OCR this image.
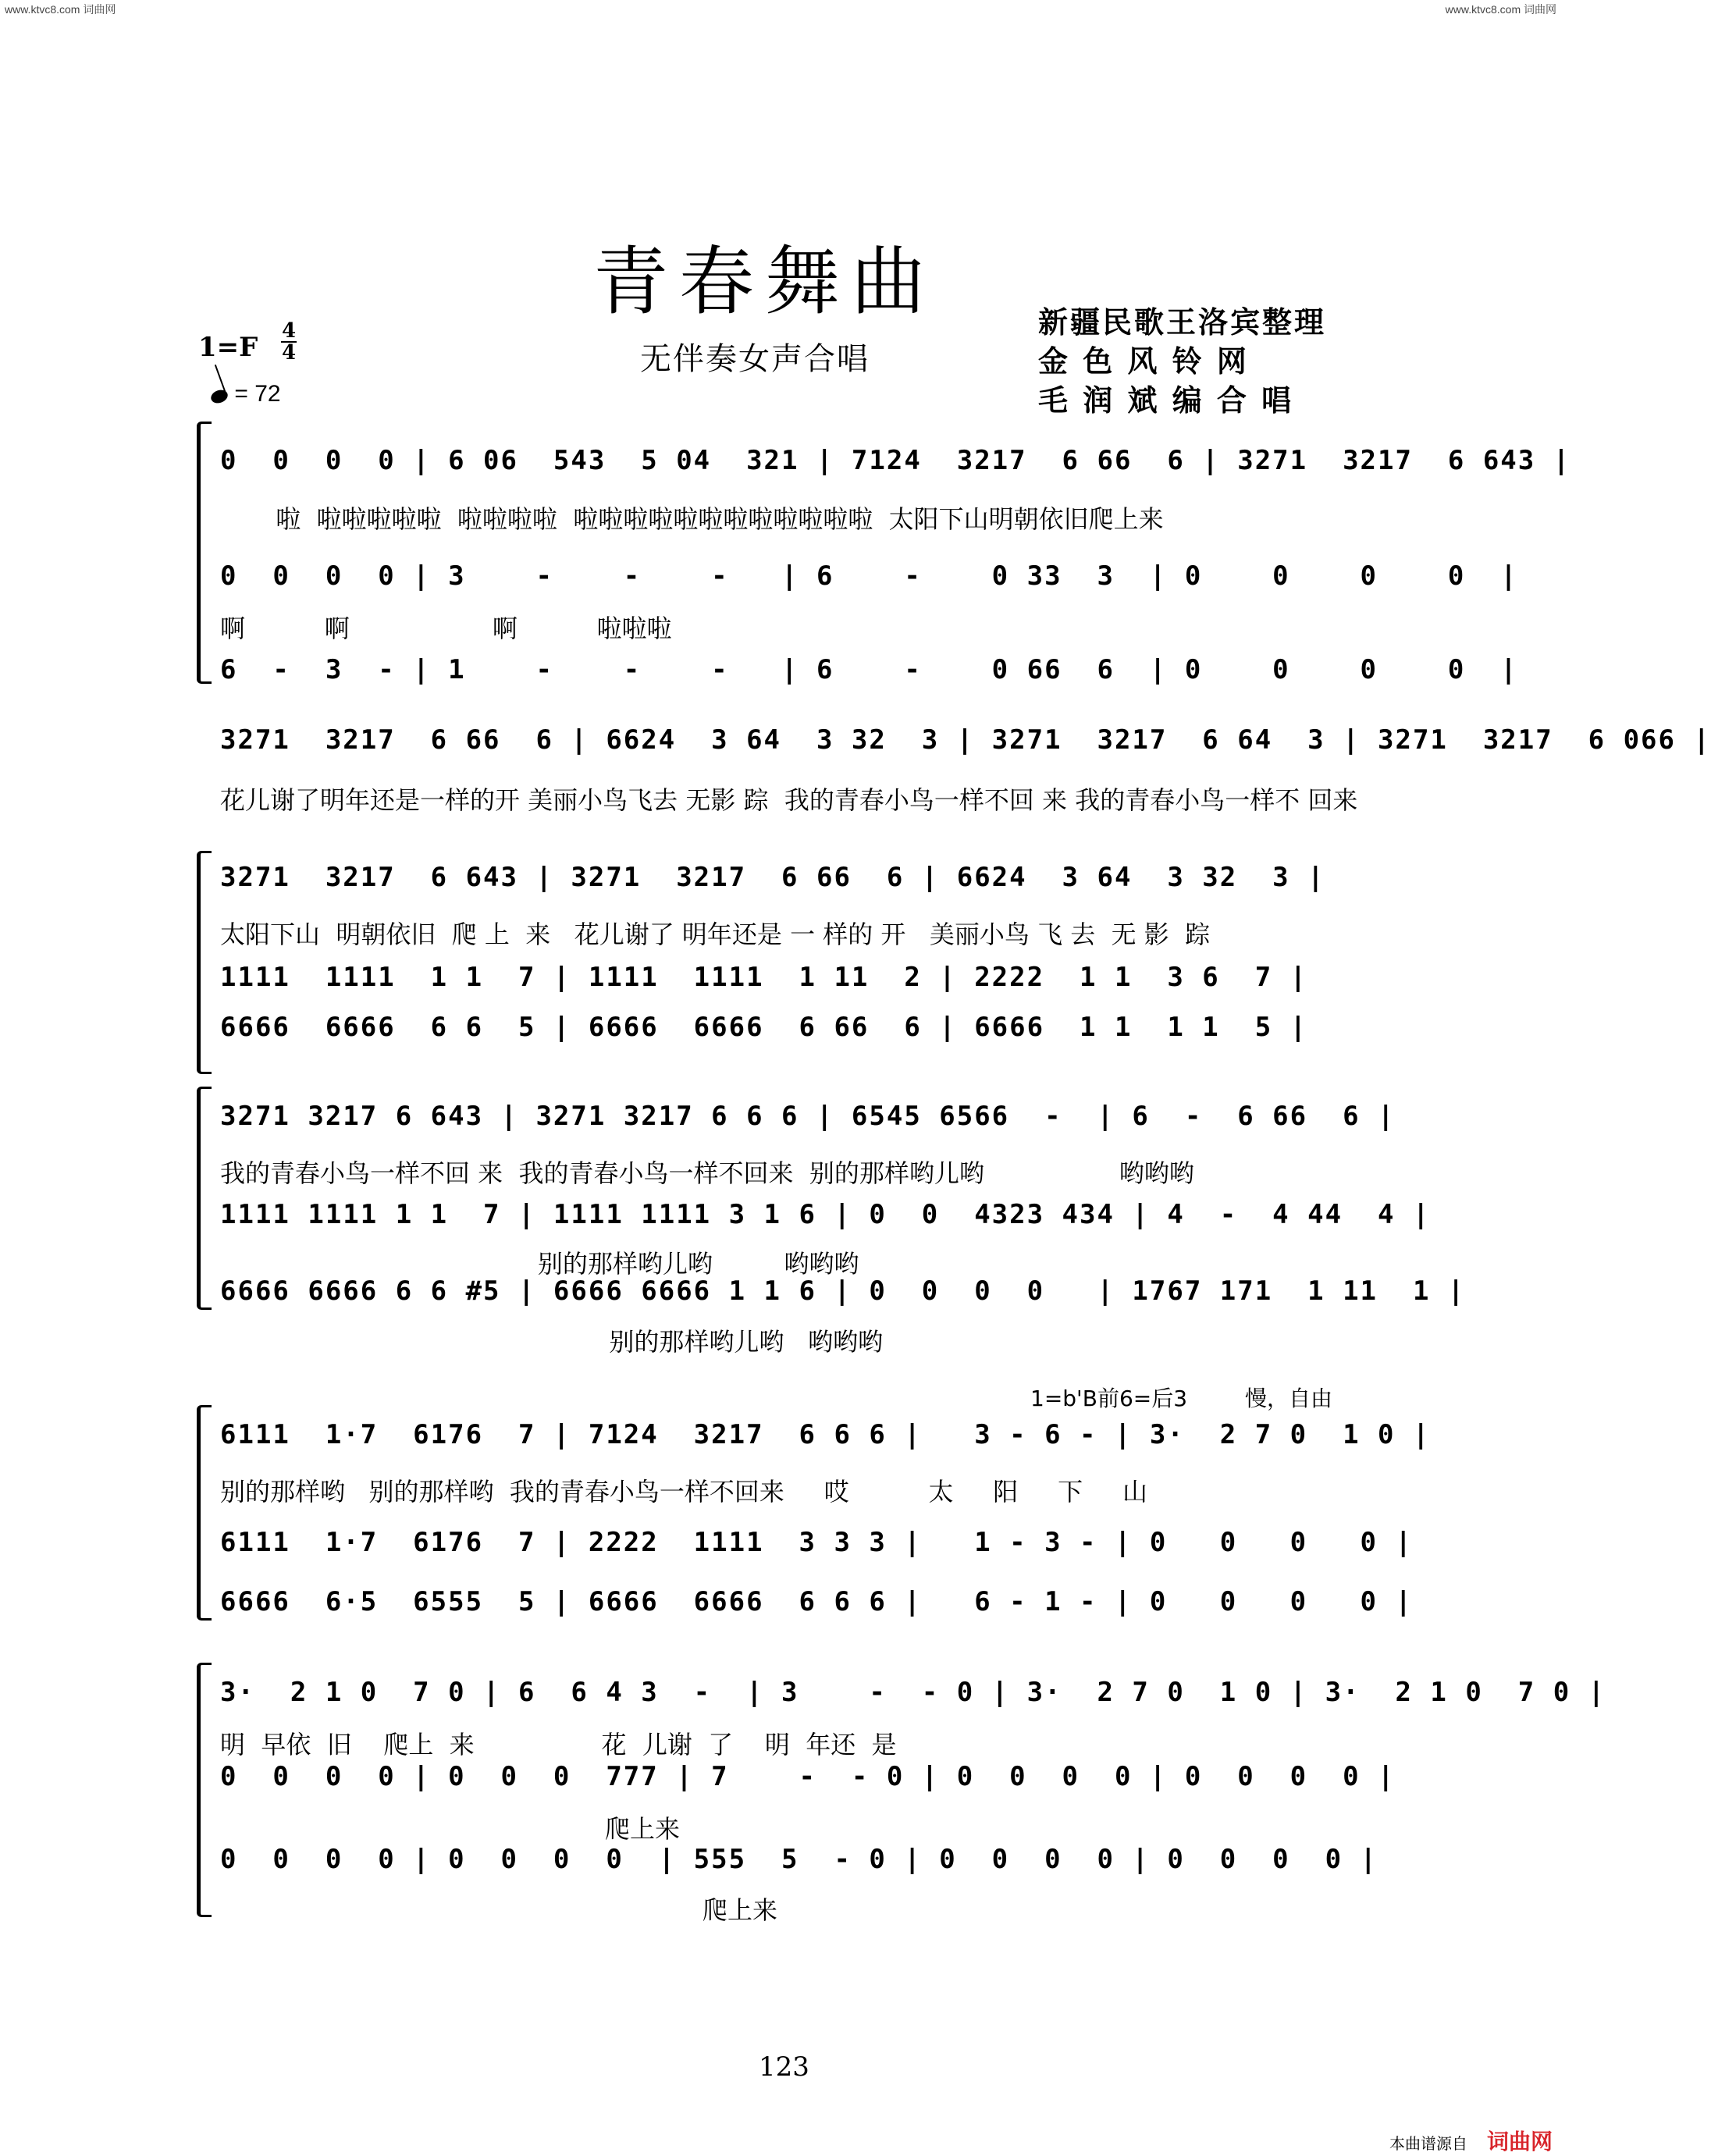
www.ktvc8.com 词曲网	www.ktvc8.com 词曲网
青春舞曲
无伴奏女声合唱
新疆民歌王洛宾整理
金 色 风 铃 网
毛 润 斌 编 合 唱
1=F
4
4
= 72
0  0  0  0 | 6 06  543  5 04  321 | 7124  3217  6 66  6 | 3271  3217  6 643 |
啦  啦啦啦啦啦  啦啦啦啦  啦啦啦啦啦啦啦啦啦啦啦啦  太阳下山明朝依旧爬上来
0  0  0  0 | 3    -    -    -   | 6    -    0 33  3  | 0    0    0    0  |
啊          啊                  啊          啦啦啦
6  -  3  - | 1    -    -    -   | 6    -    0 66  6  | 0    0    0    0  |
3271  3217  6 66  6 | 6624  3 64  3 32  3 | 3271  3217  6 64  3 | 3271  3217  6 066 |
花儿谢了明年还是一样的开 美丽小鸟飞去 无影 踪  我的青春小鸟一样不回 来 我的青春小鸟一样不 回来
3271  3217  6 643 | 3271  3217  6 66  6 | 6624  3 64  3 32  3 |
太阳下山  明朝依旧  爬 上  来   花儿谢了 明年还是 一 样的 开   美丽小鸟 飞 去  无 影  踪
1111  1111  1 1  7 | 1111  1111  1 11  2 | 2222  1 1  3 6  7 |
6666  6666  6 6  5 | 6666  6666  6 66  6 | 6666  1 1  1 1  5 |
3271 3217 6 643 | 3271 3217 6 6 6 | 6545 6566  -  | 6  -  6 66  6 |
我的青春小鸟一样不回 来  我的青春小鸟一样不回来  别的那样哟儿哟                 哟哟哟
1111 1111 1 1  7 | 1111 1111 3 1 6 | 0  0  4323 434 | 4  -  4 44  4 |
别的那样哟儿哟         哟哟哟
6666 6666 6 6 #5 | 6666 6666 1 1 6 | 0  0  0  0   | 1767 171  1 11  1 |
别的那样哟儿哟   哟哟哟
1=b'B前6=后3	慢，自由
6111  1·7  6176  7 | 7124  3217  6 6 6 |   3 - 6 - | 3·  2 7 0  1 0 |
别的那样哟   别的那样哟  我的青春小鸟一样不回来     哎          太     阳     下     山
6111  1·7  6176  7 | 2222  1111  3 3 3 |   1 - 3 - | 0   0   0   0 |
6666  6·5  6555  5 | 6666  6666  6 6 6 |   6 - 1 - | 0   0   0   0 |
3·  2 1 0  7 0 | 6  6 4 3  -  | 3    -  - 0 | 3·  2 7 0  1 0 | 3·  2 1 0  7 0 |
明  早依  旧    爬上  来                花  儿谢  了    明  年还  是
0  0  0  0 | 0  0  0  777 | 7    -  - 0 | 0  0  0  0 | 0  0  0  0 |
爬上来
0  0  0  0 | 0  0  0  0  | 555  5  - 0 | 0  0  0  0 | 0  0  0  0 |
爬上来
123
本曲谱源自 词曲网
